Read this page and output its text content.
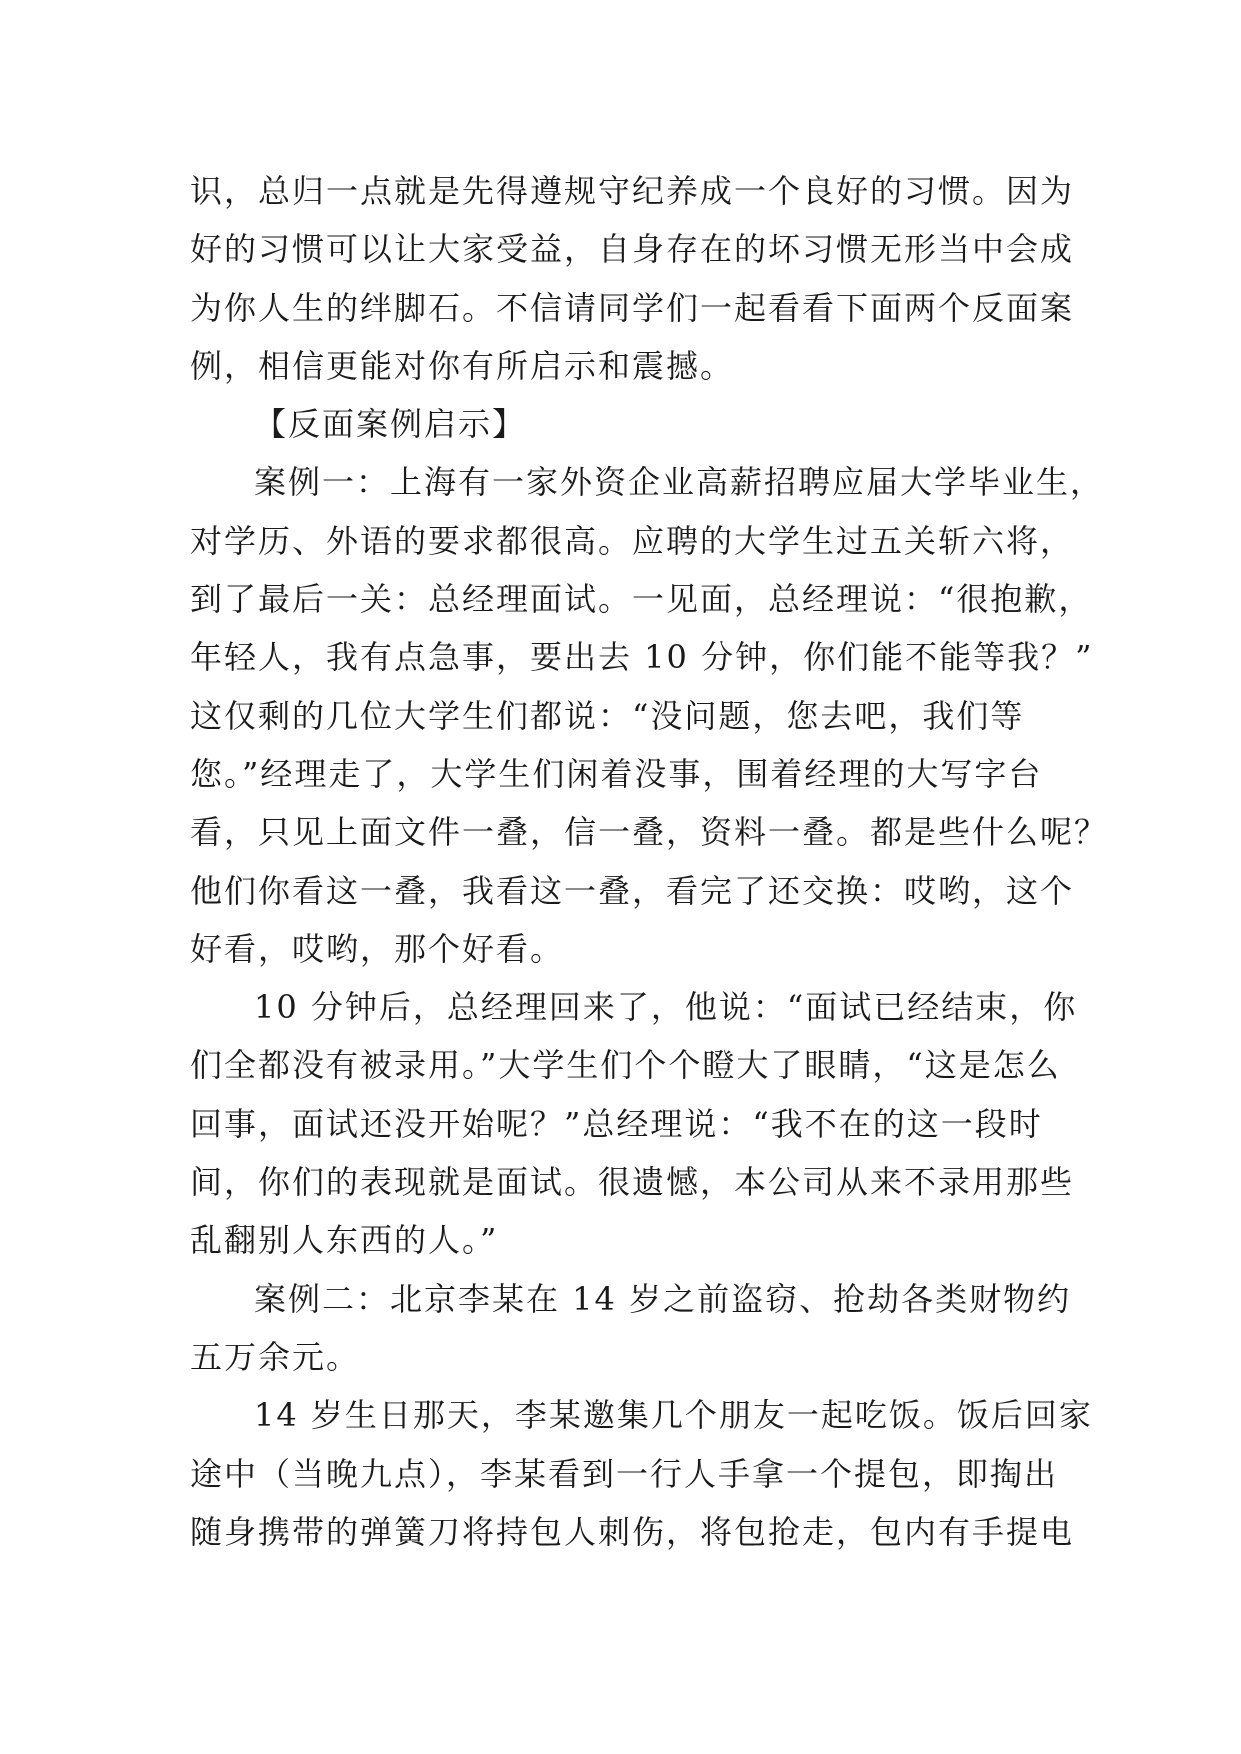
识，总归一点就是先得遵规守纪养成一个良好的习惯。因为
好的习惯可以让大家受益，自身存在的坏习惯无形当中会成
为你人生的绊脚石。不信请同学们一起看看下面两个反面案
例，相信更能对你有所启示和震撼。
【反面案例启示】
案例一：上海有一家外资企业高薪招聘应届大学毕业生，
对学历、外语的要求都很高。应聘的大学生过五关斩六将，
到了最后一关：总经理面试。一见面，总经理说：“很抱歉，
年轻人，我有点急事，要出去 10 分钟，你们能不能等我？”
这仅剩的几位大学生们都说：“没问题，您去吧，我们等
您。”经理走了，大学生们闲着没事，围着经理的大写字台
看，只见上面文件一叠，信一叠，资料一叠。都是些什么呢？
他们你看这一叠，我看这一叠，看完了还交换：哎哟，这个
好看，哎哟，那个好看。
10 分钟后，总经理回来了，他说：“面试已经结束，你
们全都没有被录用。”大学生们个个瞪大了眼睛，“这是怎么
回事，面试还没开始呢？”总经理说：“我不在的这一段时
间，你们的表现就是面试。很遗憾，本公司从来不录用那些
乱翻别人东西的人。”
案例二：北京李某在 14 岁之前盗窃、抢劫各类财物约
五万余元。
14 岁生日那天，李某邀集几个朋友一起吃饭。饭后回家
途中（当晚九点），李某看到一行人手拿一个提包，即掏出
随身携带的弹簧刀将持包人刺伤，将包抢走，包内有手提电
